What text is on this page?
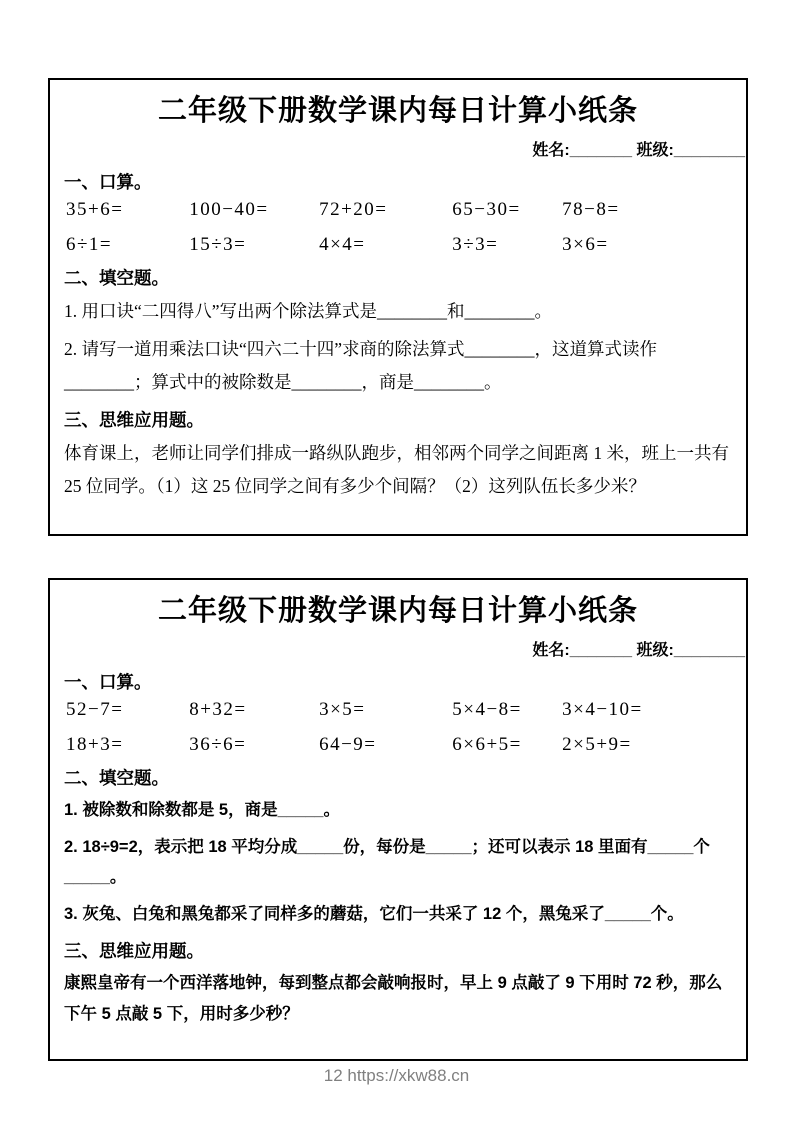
二年级下册数学课内每日计算小纸条
姓名:_______ 班级:________
一、口算。
35+6=	100−40=	72+20=	65−30=	78−8=
6÷1=	15÷3=	4×4=	3÷3=	3×6=
二、填空题。

1. 用口诀“二四得八”写出两个除法算式是________和________。

2. 请写一道用乘法口诀“四六二十四”求商的除法算式________，这道算式读作________；算式中的被除数是________，商是________。

三、思维应用题。

体育课上，老师让同学们排成一路纵队跑步，相邻两个同学之间距离 1 米，班上一共有 25 位同学。（1）这 25 位同学之间有多少个间隔？（2）这列队伍长多少米？

二年级下册数学课内每日计算小纸条
姓名:_______ 班级:________
一、口算。
52−7=	8+32=	3×5=	5×4−8=	3×4−10=
18+3=	36÷6=	64−9=	6×6+5=	2×5+9=
二、填空题。

1. 被除数和除数都是 5，商是_____。

2. 18÷9=2，表示把 18 平均分成_____份，每份是_____；还可以表示 18 里面有_____个_____。

3. 灰兔、白兔和黑兔都采了同样多的蘑菇，它们一共采了 12 个，黑兔采了_____个。

三、思维应用题。

康熙皇帝有一个西洋落地钟，每到整点都会敲响报时，早上 9 点敲了 9 下用时 72 秒，那么下午 5 点敲 5 下，用时多少秒？

12 https://xkw88.cn
